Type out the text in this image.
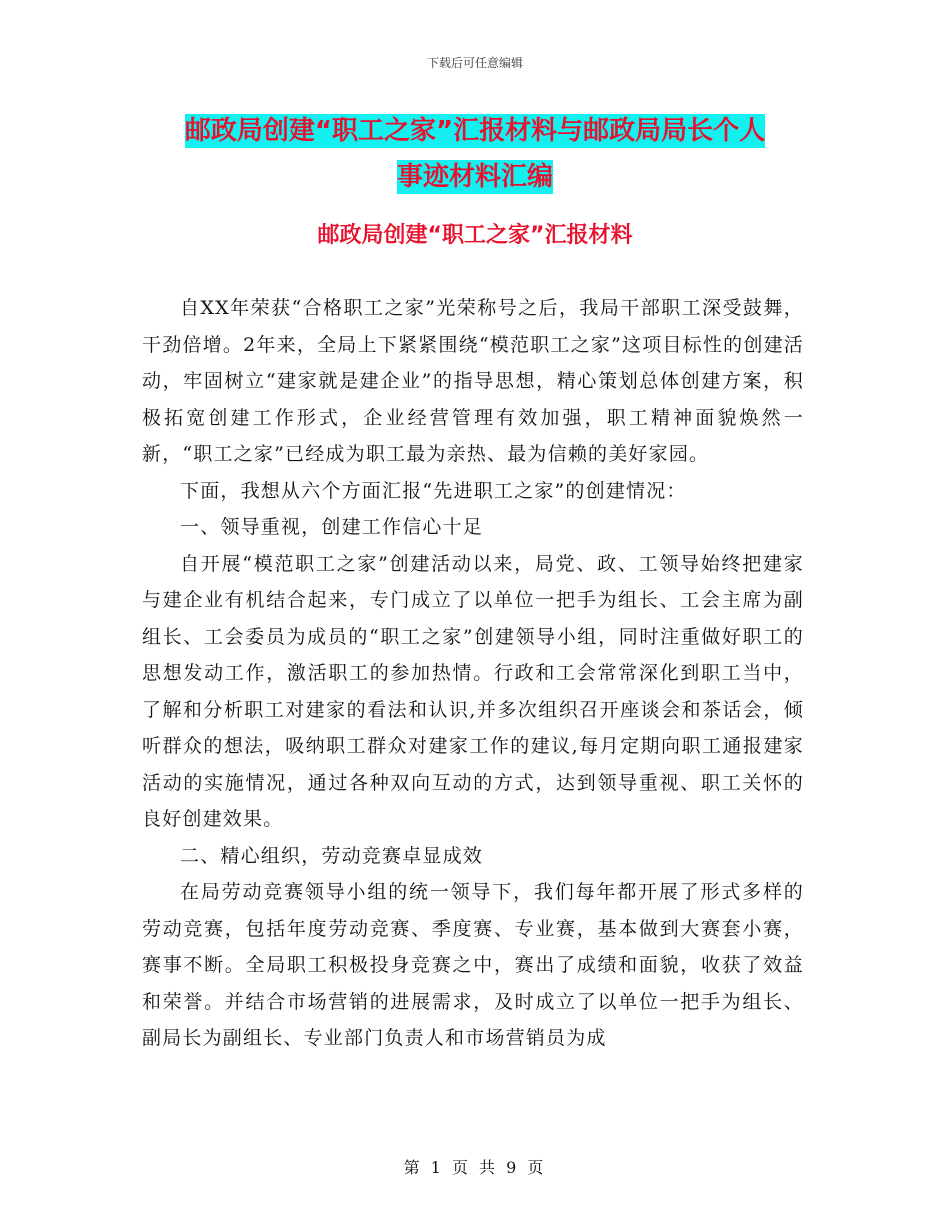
下载后可任意编辑
邮政局创建“职工之家”汇报材料与邮政局局长个人
事迹材料汇编
邮政局创建“职工之家”汇报材料

自XX年荣获“合格职工之家”光荣称号之后，我局干部职工深受鼓舞，干劲倍增。2年来，全局上下紧紧围绕“模范职工之家”这项目标性的创建活动，牢固树立“建家就是建企业”的指导思想，精心策划总体创建方案，积极拓宽创建工作形式，企业经营管理有效加强，职工精神面貌焕然一新，“职工之家”已经成为职工最为亲热、最为信赖的美好家园。

下面，我想从六个方面汇报“先进职工之家”的创建情况：

一、领导重视，创建工作信心十足

自开展“模范职工之家”创建活动以来，局党、政、工领导始终把建家与建企业有机结合起来，专门成立了以单位一把手为组长、工会主席为副组长、工会委员为成员的“职工之家”创建领导小组，同时注重做好职工的思想发动工作，激活职工的参加热情。行政和工会常常深化到职工当中，了解和分析职工对建家的看法和认识,并多次组织召开座谈会和茶话会，倾听群众的想法，吸纳职工群众对建家工作的建议,每月定期向职工通报建家活动的实施情况，通过各种双向互动的方式，达到领导重视、职工关怀的良好创建效果。

二、精心组织，劳动竞赛卓显成效

在局劳动竞赛领导小组的统一领导下，我们每年都开展了形式多样的劳动竞赛，包括年度劳动竞赛、季度赛、专业赛，基本做到大赛套小赛，赛事不断。全局职工积极投身竞赛之中，赛出了成绩和面貌，收获了效益和荣誉。并结合市场营销的进展需求，及时成立了以单位一把手为组长、副局长为副组长、专业部门负责人和市场营销员为成

第 1 页 共 9 页
